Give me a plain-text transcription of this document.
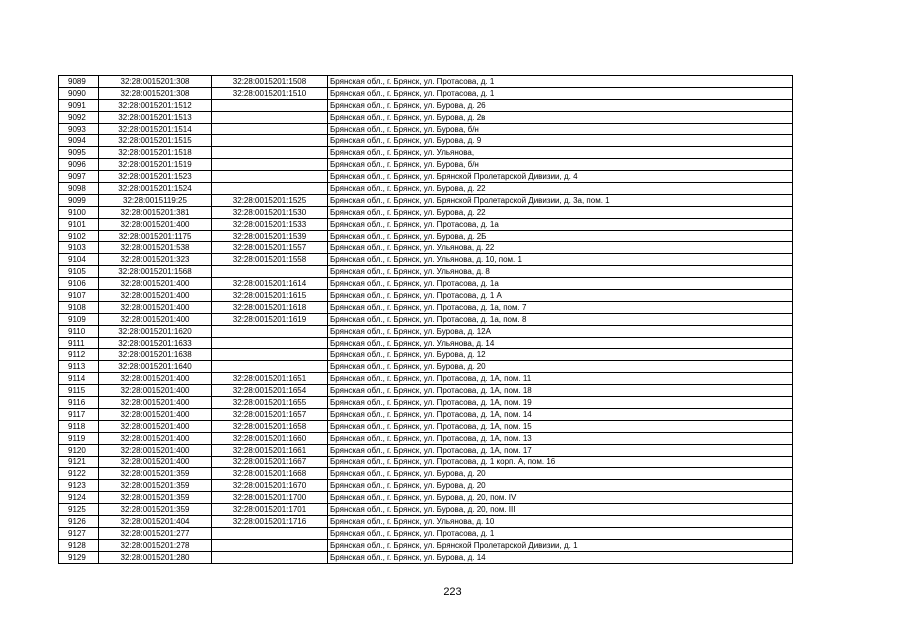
9089	32:28:0015201:308	32:28:0015201:1508	Брянская обл., г. Брянск, ул. Протасова, д. 1
9090	32:28:0015201:308	32:28:0015201:1510	Брянская обл., г. Брянск, ул. Протасова, д. 1
9091	32:28:0015201:1512		Брянская обл., г. Брянск, ул. Бурова, д. 26
9092	32:28:0015201:1513		Брянская обл., г. Брянск, ул. Бурова, д. 2в
9093	32:28:0015201:1514		Брянская обл., г. Брянск, ул. Бурова, б/н
9094	32:28:0015201:1515		Брянская обл., г. Брянск, ул. Бурова, д. 9
9095	32:28:0015201:1518		Брянская обл., г. Брянск, ул. Ульянова,
9096	32:28:0015201:1519		Брянская обл., г. Брянск, ул. Бурова, б/н
9097	32:28:0015201:1523		Брянская обл., г. Брянск, ул. Брянской Пролетарской Дивизии, д. 4
9098	32:28:0015201:1524		Брянская обл., г. Брянск, ул. Бурова, д. 22
9099	32:28:0015119:25	32:28:0015201:1525	Брянская обл., г. Брянск, ул. Брянской Пролетарской Дивизии, д. 3а, пом. 1
9100	32:28:0015201:381	32:28:0015201:1530	Брянская обл., г. Брянск, ул. Бурова, д. 22
9101	32:28:0015201:400	32:28:0015201:1533	Брянская обл., г. Брянск, ул. Протасова, д. 1а
9102	32:28:0015201:1175	32:28:0015201:1539	Брянская обл., г. Брянск, ул. Бурова, д. 2Б
9103	32:28:0015201:538	32:28:0015201:1557	Брянская обл., г. Брянск, ул. Ульянова, д. 22
9104	32:28:0015201:323	32:28:0015201:1558	Брянская обл., г. Брянск, ул. Ульянова, д. 10, пом. 1
9105	32:28:0015201:1568		Брянская обл., г. Брянск, ул. Ульянова, д. 8
9106	32:28:0015201:400	32:28:0015201:1614	Брянская обл., г. Брянск, ул. Протасова, д. 1а
9107	32:28:0015201:400	32:28:0015201:1615	Брянская обл., г. Брянск, ул. Протасова, д. 1 А
9108	32:28:0015201:400	32:28:0015201:1618	Брянская обл., г. Брянск, ул. Протасова, д. 1а, пом. 7
9109	32:28:0015201:400	32:28:0015201:1619	Брянская обл., г. Брянск, ул. Протасова, д. 1а, пом. 8
9110	32:28:0015201:1620		Брянская обл., г. Брянск, ул. Бурова, д. 12А
9111	32:28:0015201:1633		Брянская обл., г. Брянск, ул. Ульянова, д. 14
9112	32:28:0015201:1638		Брянская обл., г. Брянск, ул. Бурова, д. 12
9113	32:28:0015201:1640		Брянская обл., г. Брянск, ул. Бурова, д. 20
9114	32:28:0015201:400	32:28:0015201:1651	Брянская обл., г. Брянск, ул. Протасова, д. 1А, пом. 11
9115	32:28:0015201:400	32:28:0015201:1654	Брянская обл., г. Брянск, ул. Протасова, д. 1А, пом. 18
9116	32:28:0015201:400	32:28:0015201:1655	Брянская обл., г. Брянск, ул. Протасова, д. 1А, пом. 19
9117	32:28:0015201:400	32:28:0015201:1657	Брянская обл., г. Брянск, ул. Протасова, д. 1А, пом. 14
9118	32:28:0015201:400	32:28:0015201:1658	Брянская обл., г. Брянск, ул. Протасова, д. 1А, пом. 15
9119	32:28:0015201:400	32:28:0015201:1660	Брянская обл., г. Брянск, ул. Протасова, д. 1А, пом. 13
9120	32:28:0015201:400	32:28:0015201:1661	Брянская обл., г. Брянск, ул. Протасова, д. 1А, пом. 17
9121	32:28:0015201:400	32:28:0015201:1667	Брянская обл., г. Брянск, ул. Протасова, д. 1 корп. А, пом. 16
9122	32:28:0015201:359	32:28:0015201:1668	Брянская обл., г. Брянск, ул. Бурова, д. 20
9123	32:28:0015201:359	32:28:0015201:1670	Брянская обл., г. Брянск, ул. Бурова, д. 20
9124	32:28:0015201:359	32:28:0015201:1700	Брянская обл., г. Брянск, ул. Бурова, д. 20, пом. IV
9125	32:28:0015201:359	32:28:0015201:1701	Брянская обл., г. Брянск, ул. Бурова, д. 20, пом. III
9126	32:28:0015201:404	32:28:0015201:1716	Брянская обл., г. Брянск, ул. Ульянова, д. 10
9127	32:28:0015201:277		Брянская обл., г. Брянск, ул. Протасова, д. 1
9128	32:28:0015201:278		Брянская обл., г. Брянск, ул. Брянской Пролетарской Дивизии, д. 1
9129	32:28:0015201:280		Брянская обл., г. Брянск, ул. Бурова, д. 14
223
